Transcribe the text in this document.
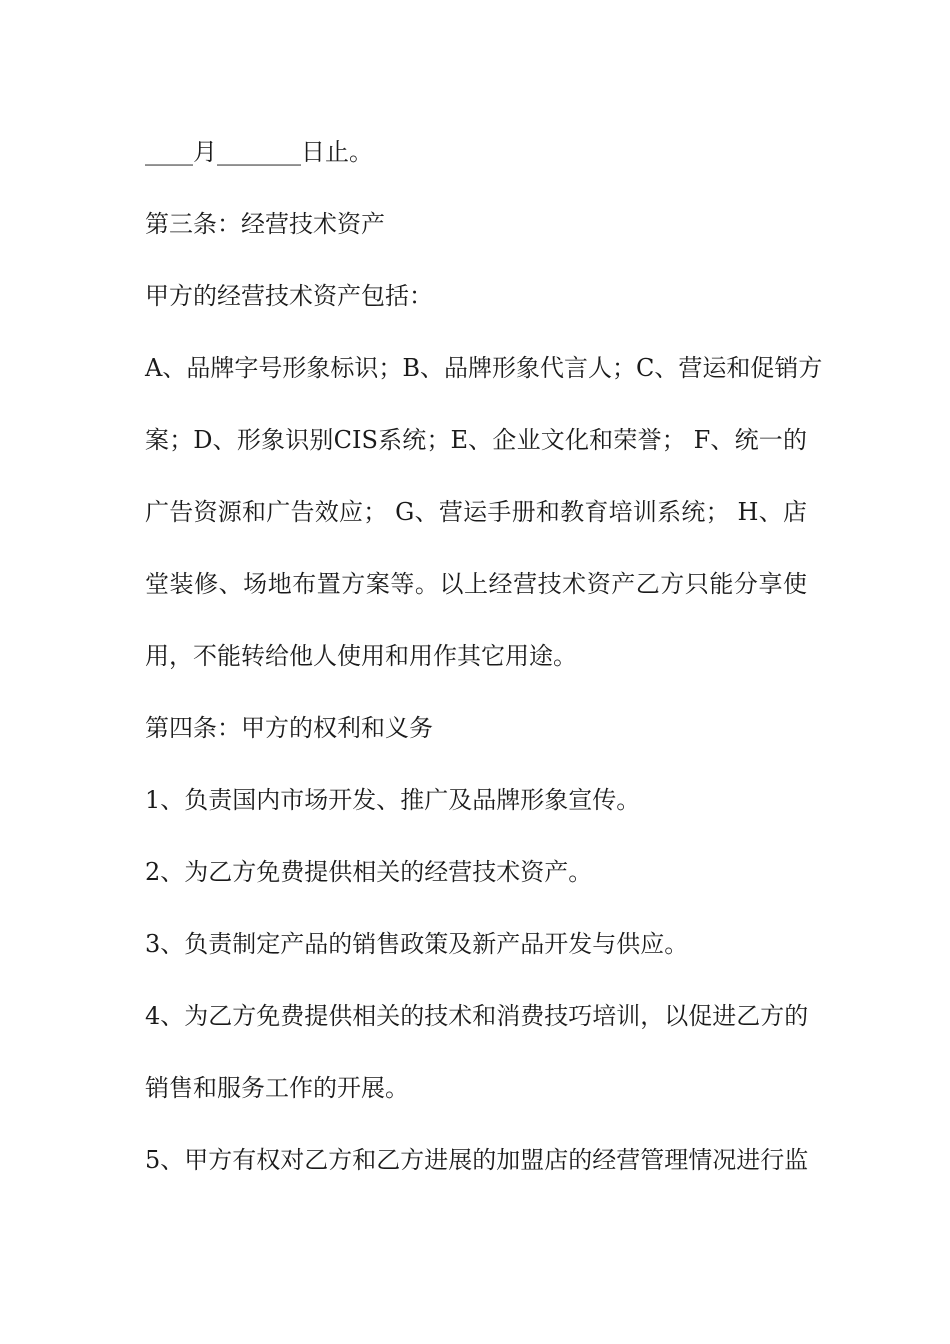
____月_______日止。
第三条：经营技术资产
甲方的经营技术资产包括：
A、品牌字号形象标识；B、品牌形象代言人；C、营运和促销方
案；D、形象识别CIS系统；E、企业文化和荣誉； F、统一的
广告资源和广告效应； G、营运手册和教育培训系统； H、店
堂装修、场地布置方案等。以上经营技术资产乙方只能分享使
用，不能转给他人使用和用作其它用途。
第四条：甲方的权利和义务
1、负责国内市场开发、推广及品牌形象宣传。
2、为乙方免费提供相关的经营技术资产。
3、负责制定产品的销售政策及新产品开发与供应。
4、为乙方免费提供相关的技术和消费技巧培训，以促进乙方的
销售和服务工作的开展。
5、甲方有权对乙方和乙方进展的加盟店的经营管理情况进行监
